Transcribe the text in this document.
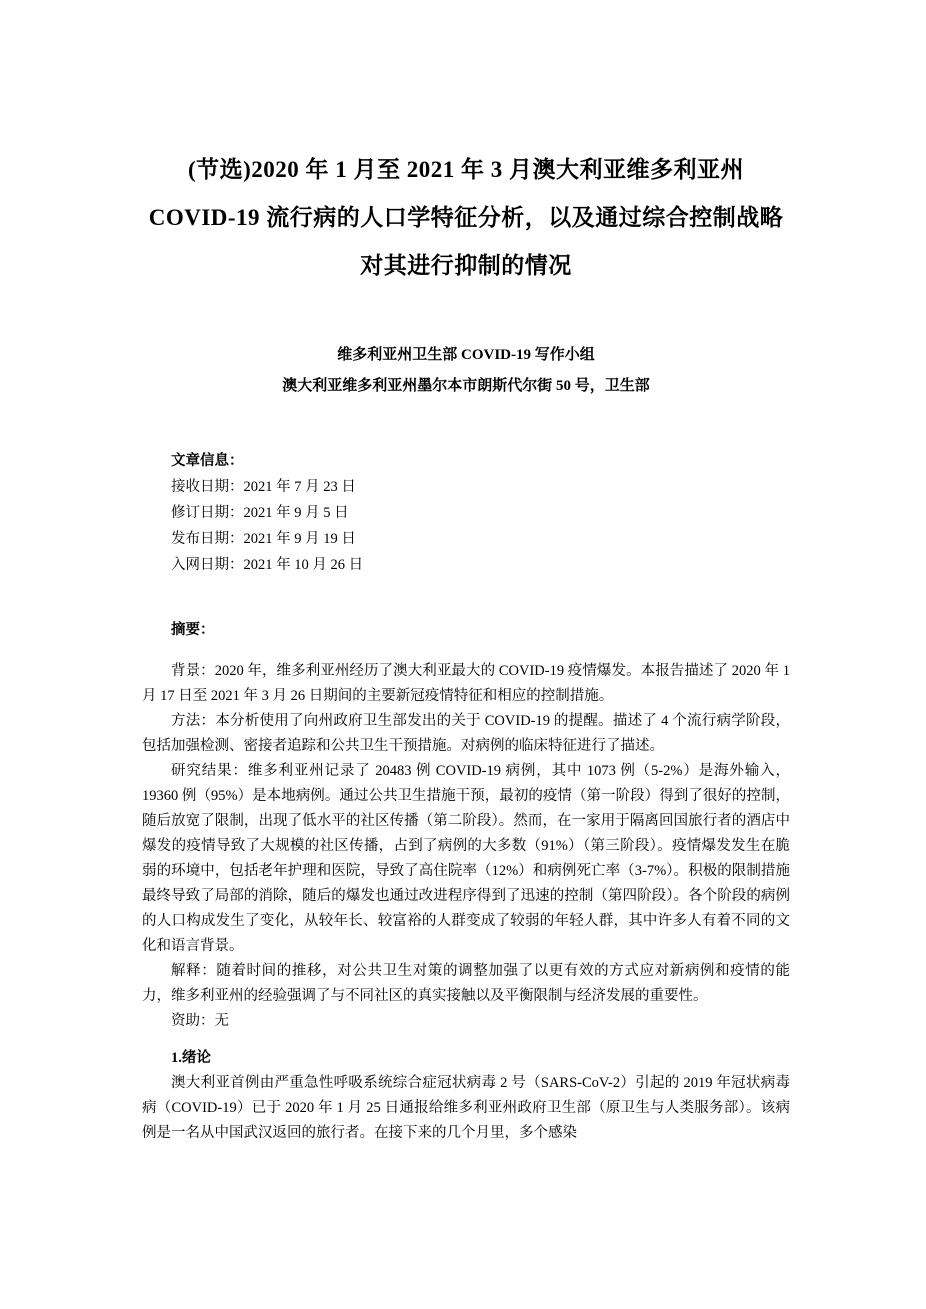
(节选)2020 年 1 月至 2021 年 3 月澳大利亚维多利亚州 COVID-19 流行病的人口学特征分析，以及通过综合控制战略对其进行抑制的情况

维多利亚州卫生部 COVID-19 写作小组

澳大利亚维多利亚州墨尔本市朗斯代尔街 50 号，卫生部

文章信息：

接收日期：2021 年 7 月 23 日

修订日期：2021 年 9 月 5 日

发布日期：2021 年 9 月 19 日

入网日期：2021 年 10 月 26 日

摘要：

背景：2020 年，维多利亚州经历了澳大利亚最大的 COVID-19 疫情爆发。本报告描述了 2020 年 1 月 17 日至 2021 年 3 月 26 日期间的主要新冠疫情特征和相应的控制措施。

方法：本分析使用了向州政府卫生部发出的关于 COVID-19 的提醒。描述了 4 个流行病学阶段，包括加强检测、密接者追踪和公共卫生干预措施。对病例的临床特征进行了描述。

研究结果：维多利亚州记录了 20483 例 COVID-19 病例，其中 1073 例（5-2%）是海外输入，19360 例（95%）是本地病例。通过公共卫生措施干预，最初的疫情（第一阶段）得到了很好的控制，随后放宽了限制，出现了低水平的社区传播（第二阶段）。然而，在一家用于隔离回国旅行者的酒店中爆发的疫情导致了大规模的社区传播，占到了病例的大多数（91%）（第三阶段）。疫情爆发发生在脆弱的环境中，包括老年护理和医院，导致了高住院率（12%）和病例死亡率（3-7%）。积极的限制措施最终导致了局部的消除，随后的爆发也通过改进程序得到了迅速的控制（第四阶段）。各个阶段的病例的人口构成发生了变化，从较年长、较富裕的人群变成了较弱的年轻人群，其中许多人有着不同的文化和语言背景。

解释：随着时间的推移，对公共卫生对策的调整加强了以更有效的方式应对新病例和疫情的能力，维多利亚州的经验强调了与不同社区的真实接触以及平衡限制与经济发展的重要性。

资助：无

1.绪论

澳大利亚首例由严重急性呼吸系统综合症冠状病毒 2 号（SARS-CoV-2）引起的 2019 年冠状病毒病（COVID-19）已于 2020 年 1 月 25 日通报给维多利亚州政府卫生部（原卫生与人类服务部）。该病例是一名从中国武汉返回的旅行者。在接下来的几个月里，多个感染
